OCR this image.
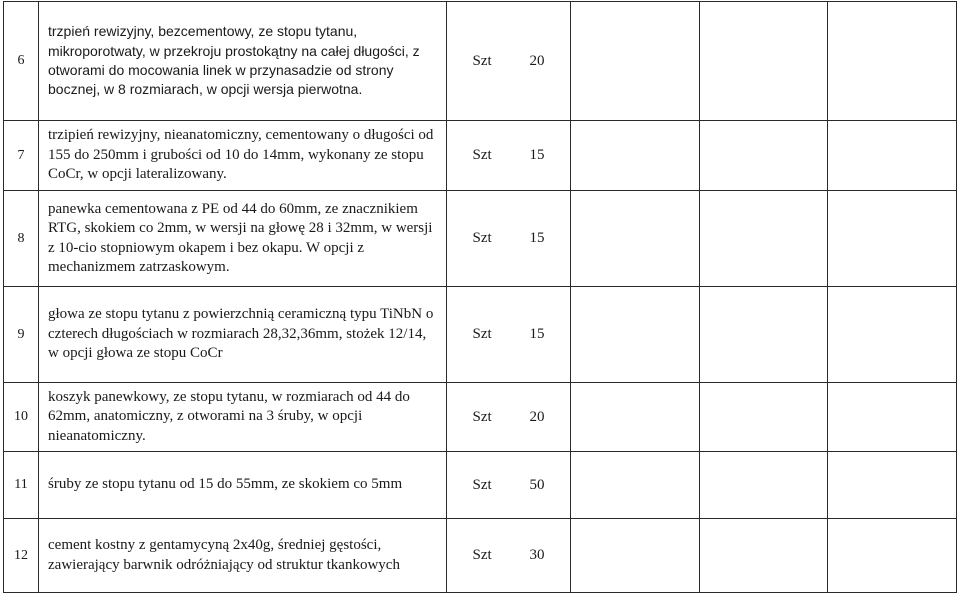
6	trzpień rewizyjny, bezcementowy, ze stopu tytanu, mikroporotwaty, w przekroju prostokątny na całej długości, z otworami do mocowania linek w przynasadzie od strony bocznej, w 8 rozmiarach, w opcji wersja pierwotna.	Szt 20			
7	trzipień rewizyjny, nieanatomiczny, cementowany o długości od 155 do 250mm i grubości od 10 do 14mm, wykonany ze stopu CoCr, w opcji lateralizowany.	Szt 15			
8	panewka cementowana z PE od 44 do 60mm, ze znacznikiem RTG, skokiem co 2mm, w wersji na głowę 28 i 32mm, w wersji z 10-cio stopniowym okapem i bez okapu. W opcji z mechanizmem zatrzaskowym.	Szt 15			
9	głowa ze stopu tytanu z powierzchnią ceramiczną typu TiNbN o czterech długościach w rozmiarach 28,32,36mm, stożek 12/14, w opcji głowa ze stopu CoCr	Szt 15			
10	koszyk panewkowy, ze stopu tytanu, w rozmiarach od 44 do 62mm, anatomiczny, z otworami na 3 śruby, w opcji nieanatomiczny.	Szt 20			
11	śruby ze stopu tytanu od 15 do 55mm, ze skokiem co 5mm	Szt 50			
12	cement kostny z gentamycyną 2x40g, średniej gęstości, zawierający barwnik odróżniający od struktur tkankowych	Szt 30			
